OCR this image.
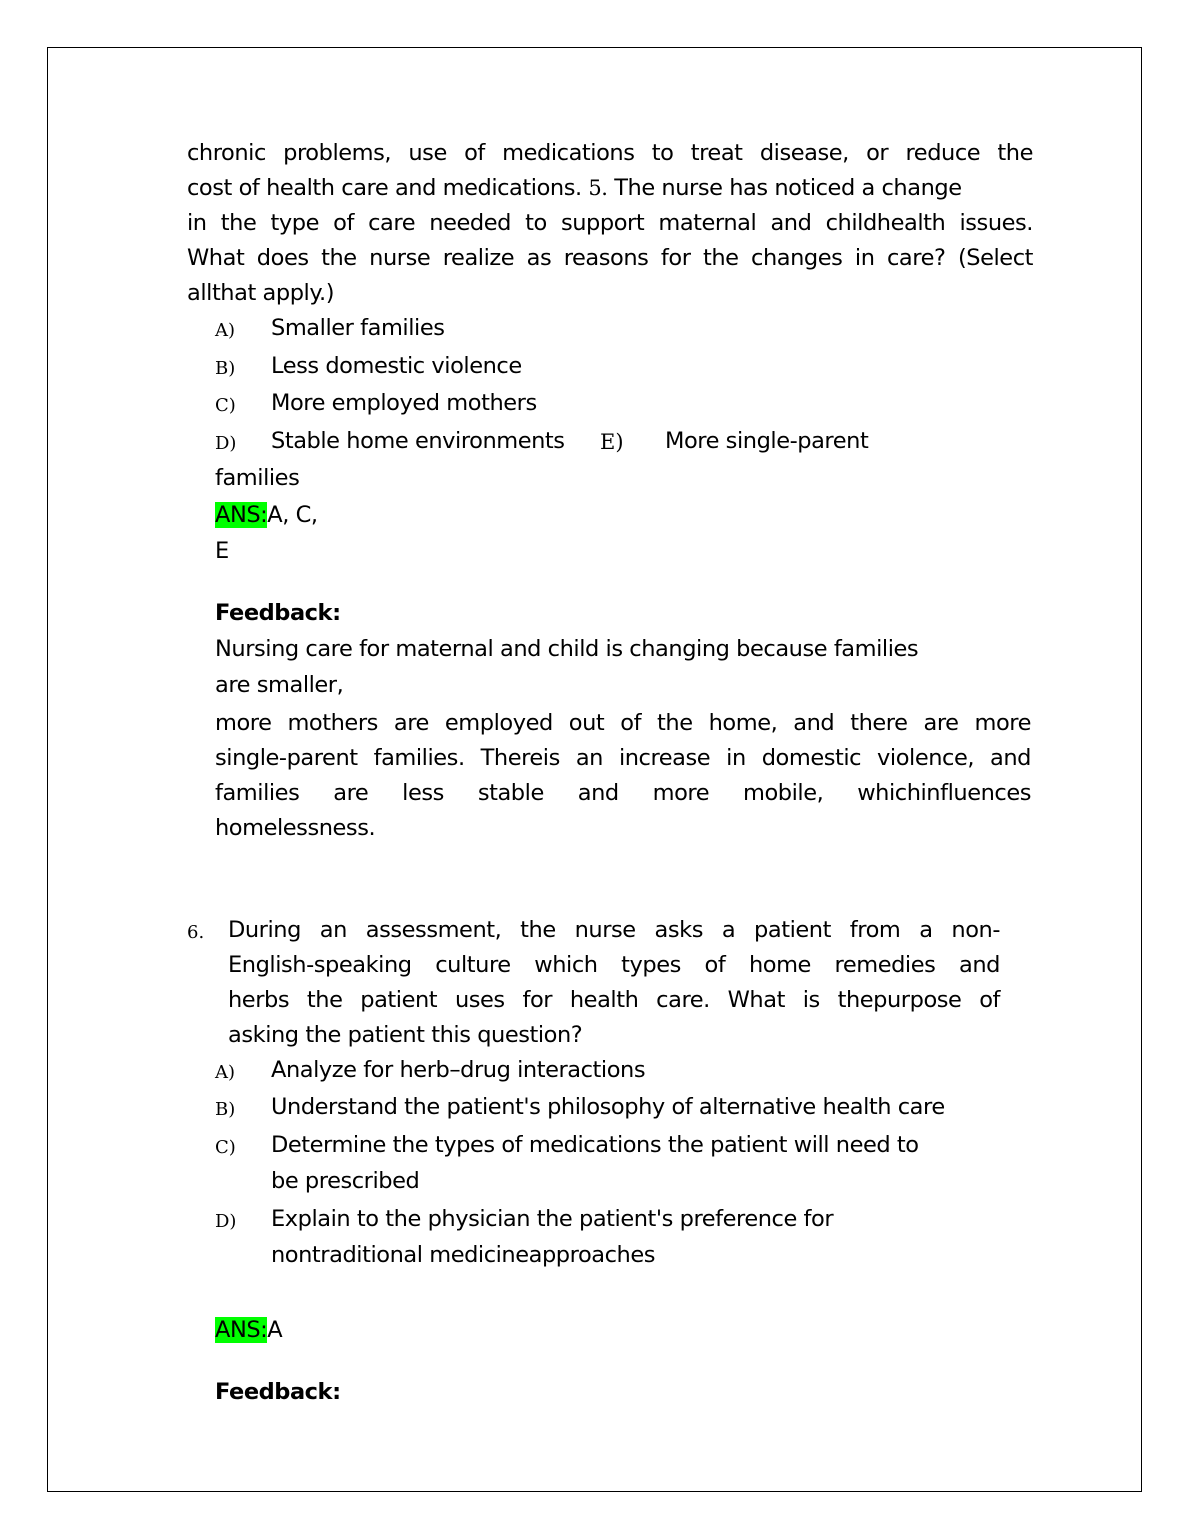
chronic problems, use of medications to treat disease, or reduce the
cost of health care and medications. 5. The nurse has noticed a change
in the type of care needed to support maternal and childhealth issues.
What does the nurse realize as reasons for the changes in care? (Select
allthat apply.)
A) Smaller families
B) Less domestic violence
C) More employed mothers
D) Stable home environments E) More single-parent
families
ANS:A, C,
E
Feedback:
Nursing care for maternal and child is changing because families
are smaller,
more mothers are employed out of the home, and there are more
single-parent families. Thereis an increase in domestic violence, and
families are less stable and more mobile, whichinfluences
homelessness.
6. During an assessment, the nurse asks a patient from a non-
English-speaking culture which types of home remedies and
herbs the patient uses for health care. What is thepurpose of
asking the patient this question?
A) Analyze for herb–drug interactions
B) Understand the patient's philosophy of alternative health care
C) Determine the types of medications the patient will need to
be prescribed
D) Explain to the physician the patient's preference for
nontraditional medicineapproaches
ANS:A
Feedback:
